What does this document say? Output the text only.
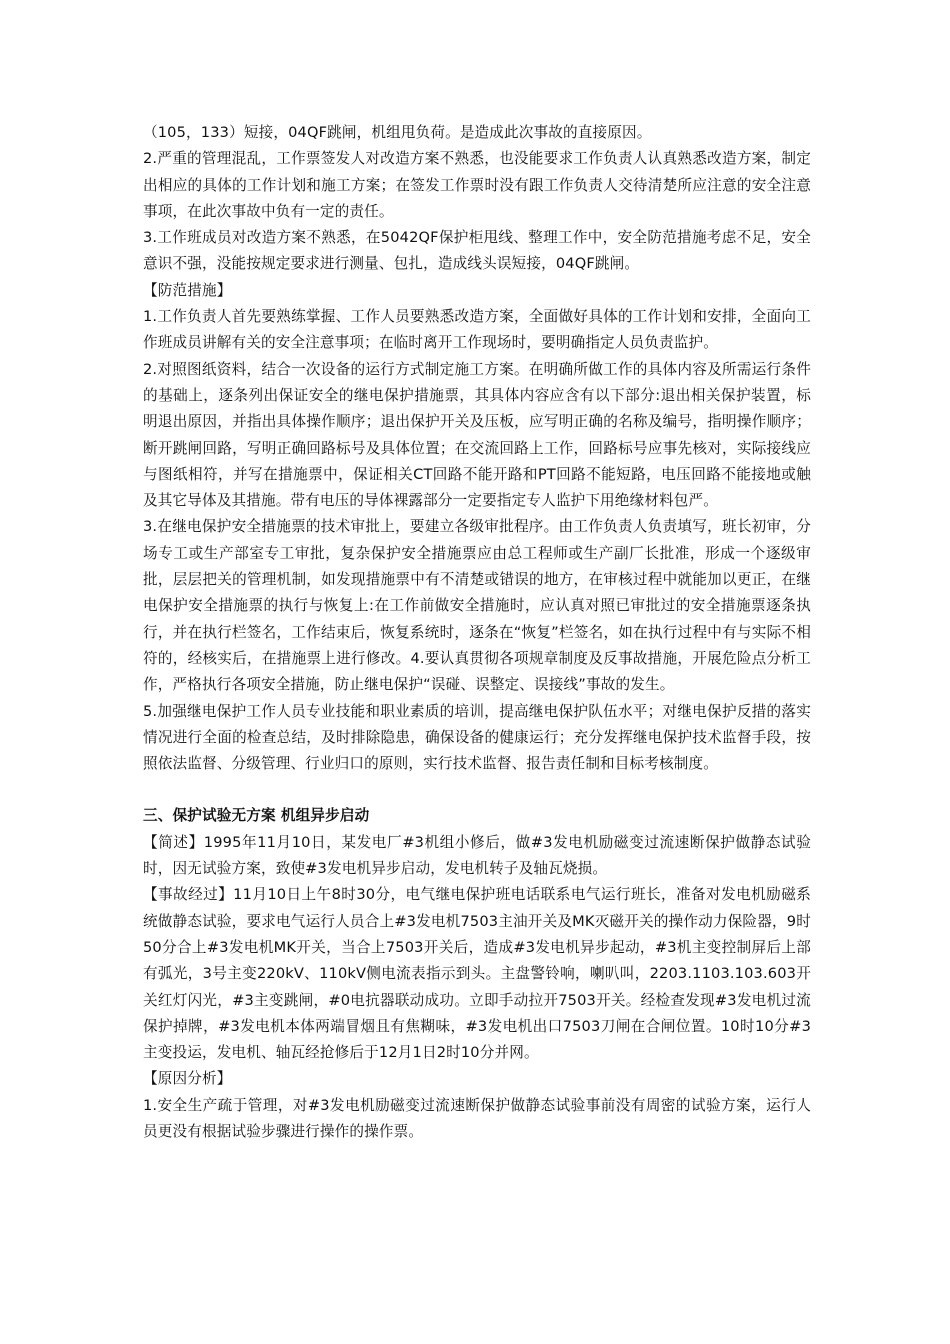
（105，133）短接，04QF跳闸，机组甩负荷。是造成此次事故的直接原因。

2.严重的管理混乱，工作票签发人对改造方案不熟悉，也没能要求工作负责人认真熟悉改造方案，制定出相应的具体的工作计划和施工方案；在签发工作票时没有跟工作负责人交待清楚所应注意的安全注意事项，在此次事故中负有一定的责任。

3.工作班成员对改造方案不熟悉，在5042QF保护柜甩线、整理工作中，安全防范措施考虑不足，安全意识不强，没能按规定要求进行测量、包扎，造成线头误短接，04QF跳闸。

【防范措施】

1.工作负责人首先要熟练掌握、工作人员要熟悉改造方案，全面做好具体的工作计划和安排，全面向工作班成员讲解有关的安全注意事项；在临时离开工作现场时，要明确指定人员负责监护。

2.对照图纸资料，结合一次设备的运行方式制定施工方案。在明确所做工作的具体内容及所需运行条件的基础上，逐条列出保证安全的继电保护措施票，其具体内容应含有以下部分:退出相关保护装置，标明退出原因，并指出具体操作顺序；退出保护开关及压板，应写明正确的名称及编号，指明操作顺序；断开跳闸回路，写明正确回路标号及具体位置；在交流回路上工作，回路标号应事先核对，实际接线应与图纸相符，并写在措施票中，保证相关CT回路不能开路和PT回路不能短路，电压回路不能接地或触及其它导体及其措施。带有电压的导体裸露部分一定要指定专人监护下用绝缘材料包严。

3.在继电保护安全措施票的技术审批上，要建立各级审批程序。由工作负责人负责填写，班长初审，分场专工或生产部室专工审批，复杂保护安全措施票应由总工程师或生产副厂长批准，形成一个逐级审批，层层把关的管理机制，如发现措施票中有不清楚或错误的地方，在审核过程中就能加以更正，在继电保护安全措施票的执行与恢复上:在工作前做安全措施时，应认真对照已审批过的安全措施票逐条执行，并在执行栏签名，工作结束后，恢复系统时，逐条在“恢复”栏签名，如在执行过程中有与实际不相符的，经核实后，在措施票上进行修改。4.要认真贯彻各项规章制度及反事故措施，开展危险点分析工作，严格执行各项安全措施，防止继电保护“误碰、误整定、误接线”事故的发生。

5.加强继电保护工作人员专业技能和职业素质的培训，提高继电保护队伍水平；对继电保护反措的落实情况进行全面的检查总结，及时排除隐患，确保设备的健康运行；充分发挥继电保护技术监督手段，按照依法监督、分级管理、行业归口的原则，实行技术监督、报告责任制和目标考核制度。

三、保护试验无方案 机组异步启动

【简述】1995年11月10日，某发电厂#3机组小修后，做#3发电机励磁变过流速断保护做静态试验时，因无试验方案，致使#3发电机异步启动，发电机转子及轴瓦烧损。

【事故经过】11月10日上午8时30分，电气继电保护班电话联系电气运行班长，准备对发电机励磁系统做静态试验，要求电气运行人员合上#3发电机7503主油开关及MK灭磁开关的操作动力保险器，9时50分合上#3发电机MK开关，当合上7503开关后，造成#3发电机异步起动，#3机主变控制屏后上部有弧光，3号主变220kV、110kV侧电流表指示到头。主盘警铃响，喇叭叫，2203.1103.103.603开关红灯闪光，#3主变跳闸，#0电抗器联动成功。立即手动拉开7503开关。经检查发现#3发电机过流保护掉牌，#3发电机本体两端冒烟且有焦糊味，#3发电机出口7503刀闸在合闸位置。10时10分#3主变投运，发电机、轴瓦经抢修后于12月1日2时10分并网。

【原因分析】

1.安全生产疏于管理，对#3发电机励磁变过流速断保护做静态试验事前没有周密的试验方案，运行人员更没有根据试验步骤进行操作的操作票。
